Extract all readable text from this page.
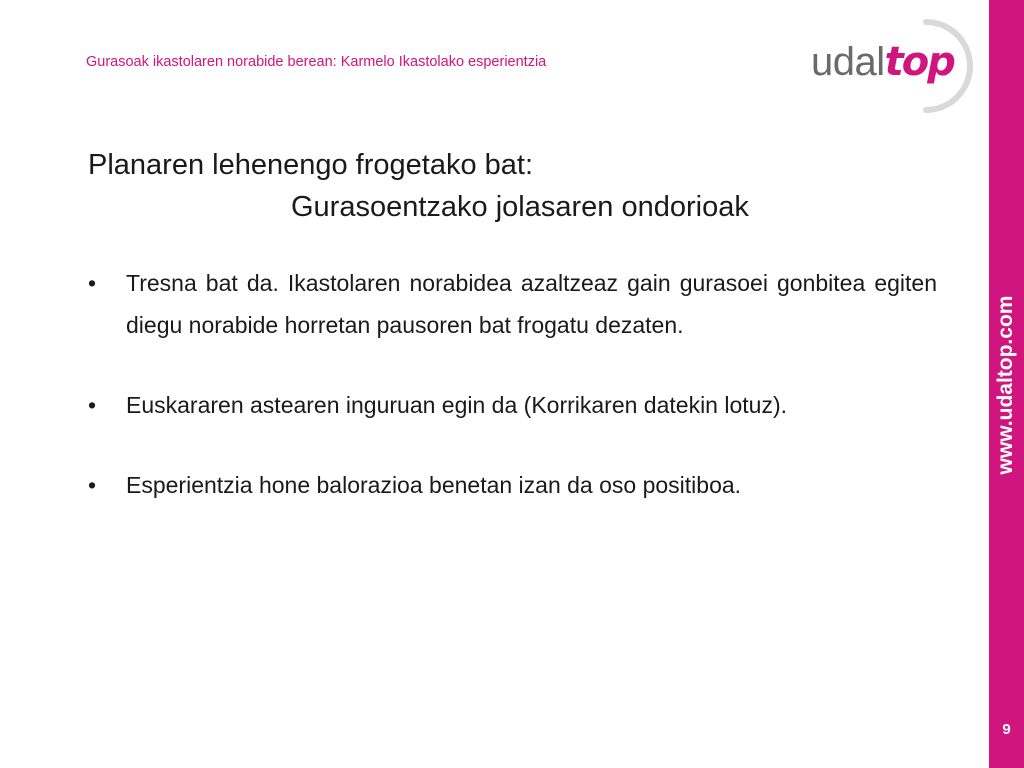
Gurasoak ikastolaren norabide berean: Karmelo Ikastolako esperientzia	udaltop
Planaren lehenengo frogetako bat:
Gurasoentzako jolasaren ondorioak
• Tresna bat da. Ikastolaren norabidea azaltzeaz gain gurasoei gonbitea egiten diegu norabide horretan pausoren bat frogatu dezaten.
• Euskararen astearen inguruan egin da (Korrikaren datekin lotuz).
• Esperientzia hone balorazioa benetan izan da oso positiboa.
www.udaltop.com
9
